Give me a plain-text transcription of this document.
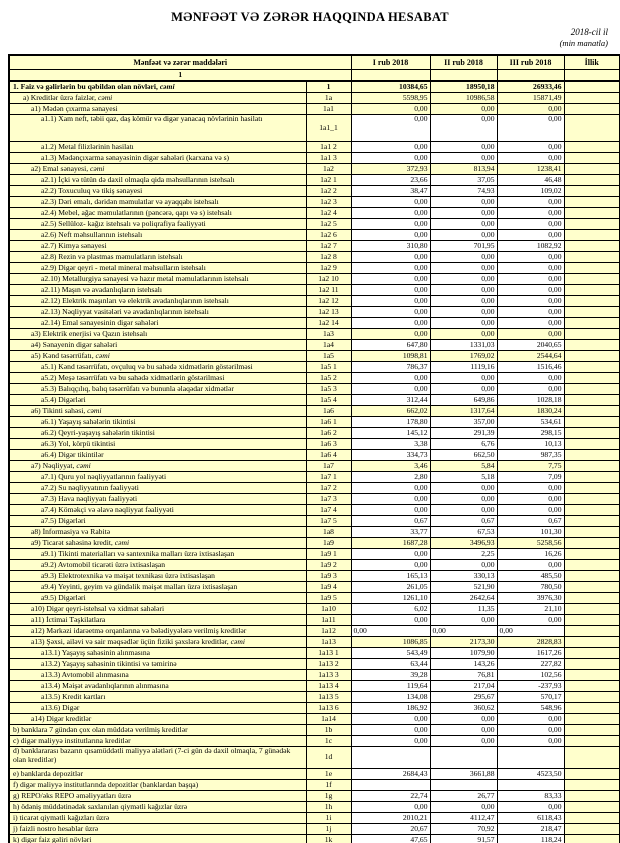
MƏNFƏƏT VƏ ZƏRƏR HAQQINDA HESABAT
2018-cil il
(min manatla)
Mənfəət və zərər maddələri		I rub 2018	II rub 2018	III rub 2018	İllik
1					
1. Faiz və gəlirlərin bu qəbildən olan növləri, cəmi	1	10384,65	18950,18	26933,46	
a) Kreditlər üzrə faizlər, cəmi	1a	5598,95	10986,58	15871,49	
a1) Mədən çıxarma sənayesi	1a1	0,00	0,00	0,00	
a1.1) Xam neft, təbii qaz, daş kömür və digər yanacaq növlərinin hasilatı	1a1_1	0,00	0,00	0,00	
a1.2) Metal filizlərinin hasilatı	1a1 2	0,00	0,00	0,00	
a1.3) Mədənçıxarma sənayəsinin digər sahələri (karxana və s)	1a1 3	0,00	0,00	0,00	
a2) Emal sənayesi, cəmi	1a2	372,93	813,94	1238,41	
a2.1) İçki və tütün də daxil olmaqla qida məhsullarının istehsalı	1a2 1	23,66	37,05	46,48	
a2.2) Toxuculuq və tikiş sənayesi	1a2 2	38,47	74,93	109,02	
a2.3) Dəri emalı, dəridən məmulatlar və ayaqqabı istehsalı	1a2 3	0,00	0,00	0,00	
a2.4) Mebel, ağac məmulatlarının (pəncərə, qapı və s) istehsalı	1a2 4	0,00	0,00	0,00	
a2.5) Sellüloz- kağız istehsalı və poliqrafiya fəaliyyəti	1a2 5	0,00	0,00	0,00	
a2.6) Neft məhsullarının istehsalı	1a2 6	0,00	0,00	0,00	
a2.7) Kimya sənayesi	1a2 7	310,80	701,95	1082,92	
a2.8) Rezin və plastmas məmulatların istehsalı	1a2 8	0,00	0,00	0,00	
a2.9) Digər qeyri - metal mineral məhsulların istehsalı	1a2 9	0,00	0,00	0,00	
a2.10) Metallurgiya sənayesi və hazır metal məmulatlarının istehsalı	1a2 10	0,00	0,00	0,00	
a2.11) Maşın və avadanlıqların istehsalı	1a2 11	0,00	0,00	0,00	
a2.12) Elektrik maşınları və elektrik avadanlıqlarının istehsalı	1a2 12	0,00	0,00	0,00	
a2.13) Nəqliyyat vasitələri və avadanlıqlarının istehsalı	1a2 13	0,00	0,00	0,00	
a2.14) Emal sənayesinin digər sahələri	1a2 14	0,00	0,00	0,00	
a3) Elektrik enerjisi və Qazın istehsalı	1a3	0,00	0,00	0,00	
a4) Sənayenin digər sahələri	1a4	647,80	1331,03	2040,65	
a5) Kənd təsərrüfatı, cəmi	1a5	1098,81	1769,02	2544,64	
a5.1) Kənd təsərrüfatı, ovçuluq və bu sahədə xidmətlərin göstərilməsi	1a5 1	786,37	1119,16	1516,46	
a5.2) Meşə təsərrüfatı və bu sahədə xidmətlərin göstərilməsi	1a5 2	0,00	0,00	0,00	
a5.3) Balıqçılıq, balıq təsərrüfatı və bununla əlaqədar xidmətlər	1a5 3	0,00	0,00	0,00	
a5.4) Digərləri	1a5 4	312,44	649,86	1028,18	
a6) Tikinti sahəsi, cəmi	1a6	662,02	1317,64	1830,24	
a6.1) Yaşayış sahələrin tikintisi	1a6 1	178,80	357,00	534,61	
a6.2) Qeyri-yaşayış sahələrin tikintisi	1a6 2	145,12	291,39	298,15	
a6.3) Yol, körpü tikintisi	1a6 3	3,38	6,76	10,13	
a6.4) Digər tikintilər	1a6 4	334,73	662,50	987,35	
a7) Nəqliyyat, cəmi	1a7	3,46	5,84	7,75	
a7.1) Quru yol nəqliyyatlarının fəaliyyəti	1a7 1	2,80	5,18	7,09	
a7.2) Su nəqliyyatının fəaliyyəti	1a7 2	0,00	0,00	0,00	
a7.3) Hava nəqliyyatı fəaliyyəti	1a7 3	0,00	0,00	0,00	
a7.4) Köməkçi və əlavə nəqliyyat fəaliyyəti	1a7 4	0,00	0,00	0,00	
a7.5) Digərləri	1a7 5	0,67	0,67	0,67	
a8) İnformasiya və Rabitə	1a8	33,77	67,53	101,30	
a9) Ticarət sahəsinə kredit, cəmi	1a9	1687,28	3496,93	5258,56	
a9.1) Tikinti materialları və santexnika malları üzrə ixtisaslaşan	1a9 1	0,00	2,25	16,26	
a9.2) Avtomobil ticarəti üzrə ixtisaslaşan	1a9 2	0,00	0,00	0,00	
a9.3) Elektrotexnika və məişət texnikası üzrə ixtisaslaşan	1a9 3	165,13	330,13	485,50	
a9.4) Yeyinti, geyim və gündəlik məişət malları üzrə ixtisaslaşan	1a9 4	261,05	521,90	780,50	
a9.5) Digərləri	1a9 5	1261,10	2642,64	3976,30	
a10) Digər qeyri-istehsal və xidmət sahələri	1a10	6,02	11,35	21,10	
a11) İctimai Təşkilatlara	1a11	0,00	0,00	0,00	
a12) Mərkəzi idarəetmə orqanlarına və bələdiyyələrə verilmiş kreditlər	1a12	0,00	0,00	0,00	
a13) Şəxsi, ailəvi və sair məqsədlər üçün fiziki şəxslərə kreditlər, cəmi	1a13	1086,85	2173,30	2828,83	
a13.1) Yaşayış sahəsinin alınmasına	1a13 1	543,49	1079,90	1617,26	
a13.2) Yaşayış sahəsinin tikintisi və təmirinə	1a13 2	63,44	143,26	227,82	
a13.3) Avtomobil alınmasına	1a13 3	39,28	76,81	102,56	
a13.4) Məişət avadanlıqlarının alınmasına	1a13 4	119,64	217,04	-237,93	
a13.5) Kredit kartları	1a13 5	134,08	295,67	570,17	
a13.6) Digər	1a13 6	186,92	360,62	548,96	
a14) Digər kreditlər	1a14	0,00	0,00	0,00	
b) banklara 7 gündən çox olan müddətə verilmiş kreditlər	1b	0,00	0,00	0,00	
c) digər maliyyə institutlarına kreditlər	1c	0,00	0,00	0,00	
d) banklararası bazarın qısamüddətli maliyyə alətləri (7-ci gün də daxil olmaqla, 7 günədək olan kreditlər)	1d				
e) banklarda depozitlər	1e	2684,43	3661,88	4523,50	
f) digər maliyyə institutlarında depozitlər (banklardan başqa)	1f				
g) REPO/əks REPO əməliyyatları üzrə	1g	22,74	26,77	83,33	
h) ödəniş müddətinədək saxlanılan qiymətli kağızlar üzrə	1h	0,00	0,00	0,00	
i) ticarət qiymətli kağızları üzrə	1i	2010,21	4112,47	6118,43	
j) faizli nostro hesablar üzrə	1j	20,67	70,92	218,47	
k) digər faiz gəliri növləri	1k	47,65	91,57	118,24	
